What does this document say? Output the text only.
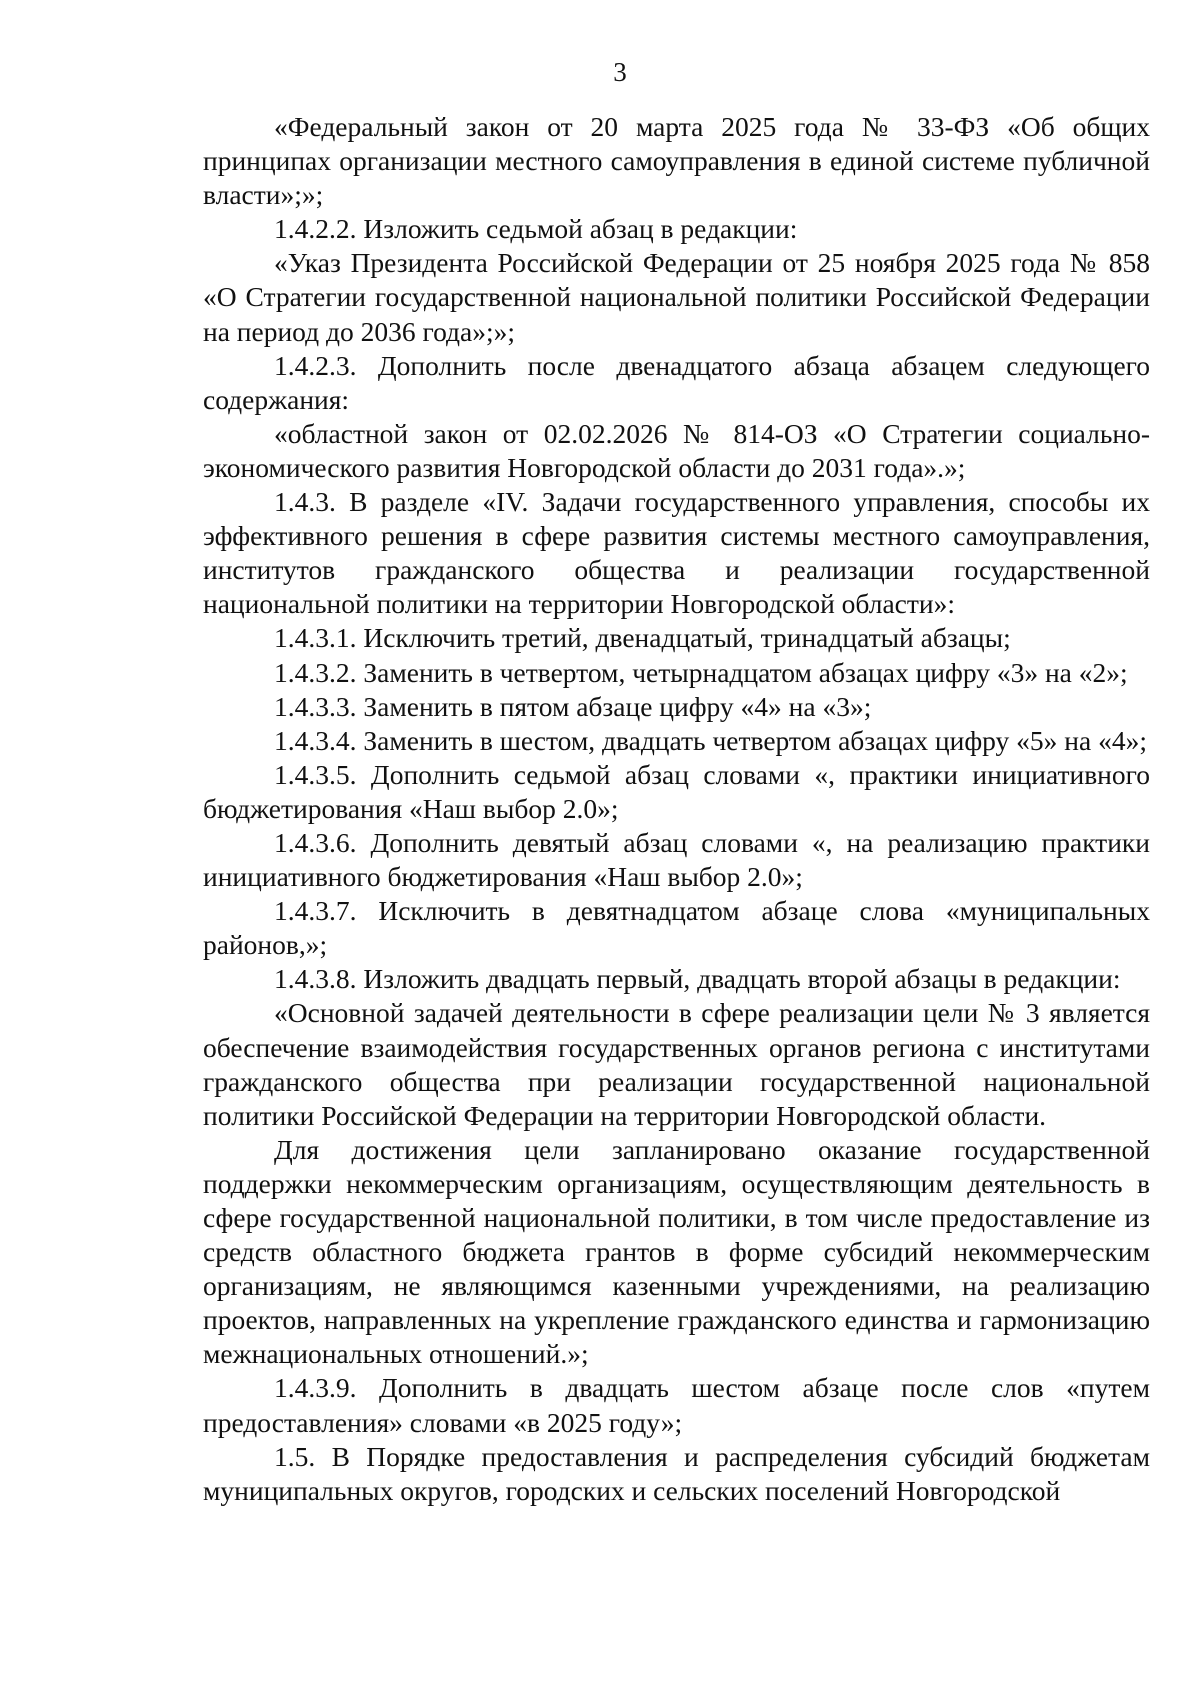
3

«Федеральный закон от 20 марта 2025 года № 33-ФЗ «Об общих принципах организации местного самоуправления в единой системе публичной власти»;»;

1.4.2.2. Изложить седьмой абзац в редакции:

«Указ Президента Российской Федерации от 25 ноября 2025 года № 858 «О Стратегии государственной национальной политики Российской Федерации на период до 2036 года»;»;

1.4.2.3. Дополнить после двенадцатого абзаца абзацем следующего содержания:

«областной закон от 02.02.2026 № 814-ОЗ «О Стратегии социально-экономического развития Новгородской области до 2031 года».»;

1.4.3. В разделе «IV. Задачи государственного управления, способы их эффективного решения в сфере развития системы местного самоуправления, институтов гражданского общества и реализации государственной национальной политики на территории Новгородской области»:

1.4.3.1. Исключить третий, двенадцатый, тринадцатый абзацы;

1.4.3.2. Заменить в четвертом, четырнадцатом абзацах цифру «3» на «2»;

1.4.3.3. Заменить в пятом абзаце цифру «4» на «3»;

1.4.3.4. Заменить в шестом, двадцать четвертом абзацах цифру «5» на «4»;

1.4.3.5. Дополнить седьмой абзац словами «, практики инициативного бюджетирования «Наш выбор 2.0»;

1.4.3.6. Дополнить девятый абзац словами «, на реализацию практики инициативного бюджетирования «Наш выбор 2.0»;

1.4.3.7. Исключить в девятнадцатом абзаце слова «муниципальных районов,»;

1.4.3.8. Изложить двадцать первый, двадцать второй абзацы в редакции:

«Основной задачей деятельности в сфере реализации цели № 3 является обеспечение взаимодействия государственных органов региона с институтами гражданского общества при реализации государственной национальной политики Российской Федерации на территории Новгородской области.

Для достижения цели запланировано оказание государственной поддержки некоммерческим организациям, осуществляющим деятельность в сфере государственной национальной политики, в том числе предоставление из средств областного бюджета грантов в форме субсидий некоммерческим организациям, не являющимся казенными учреждениями, на реализацию проектов, направленных на укрепление гражданского единства и гармонизацию межнациональных отношений.»;

1.4.3.9. Дополнить в двадцать шестом абзаце после слов «путем предоставления» словами «в 2025 году»;

1.5. В Порядке предоставления и распределения субсидий бюджетам муниципальных округов, городских и сельских поселений Новгородской
